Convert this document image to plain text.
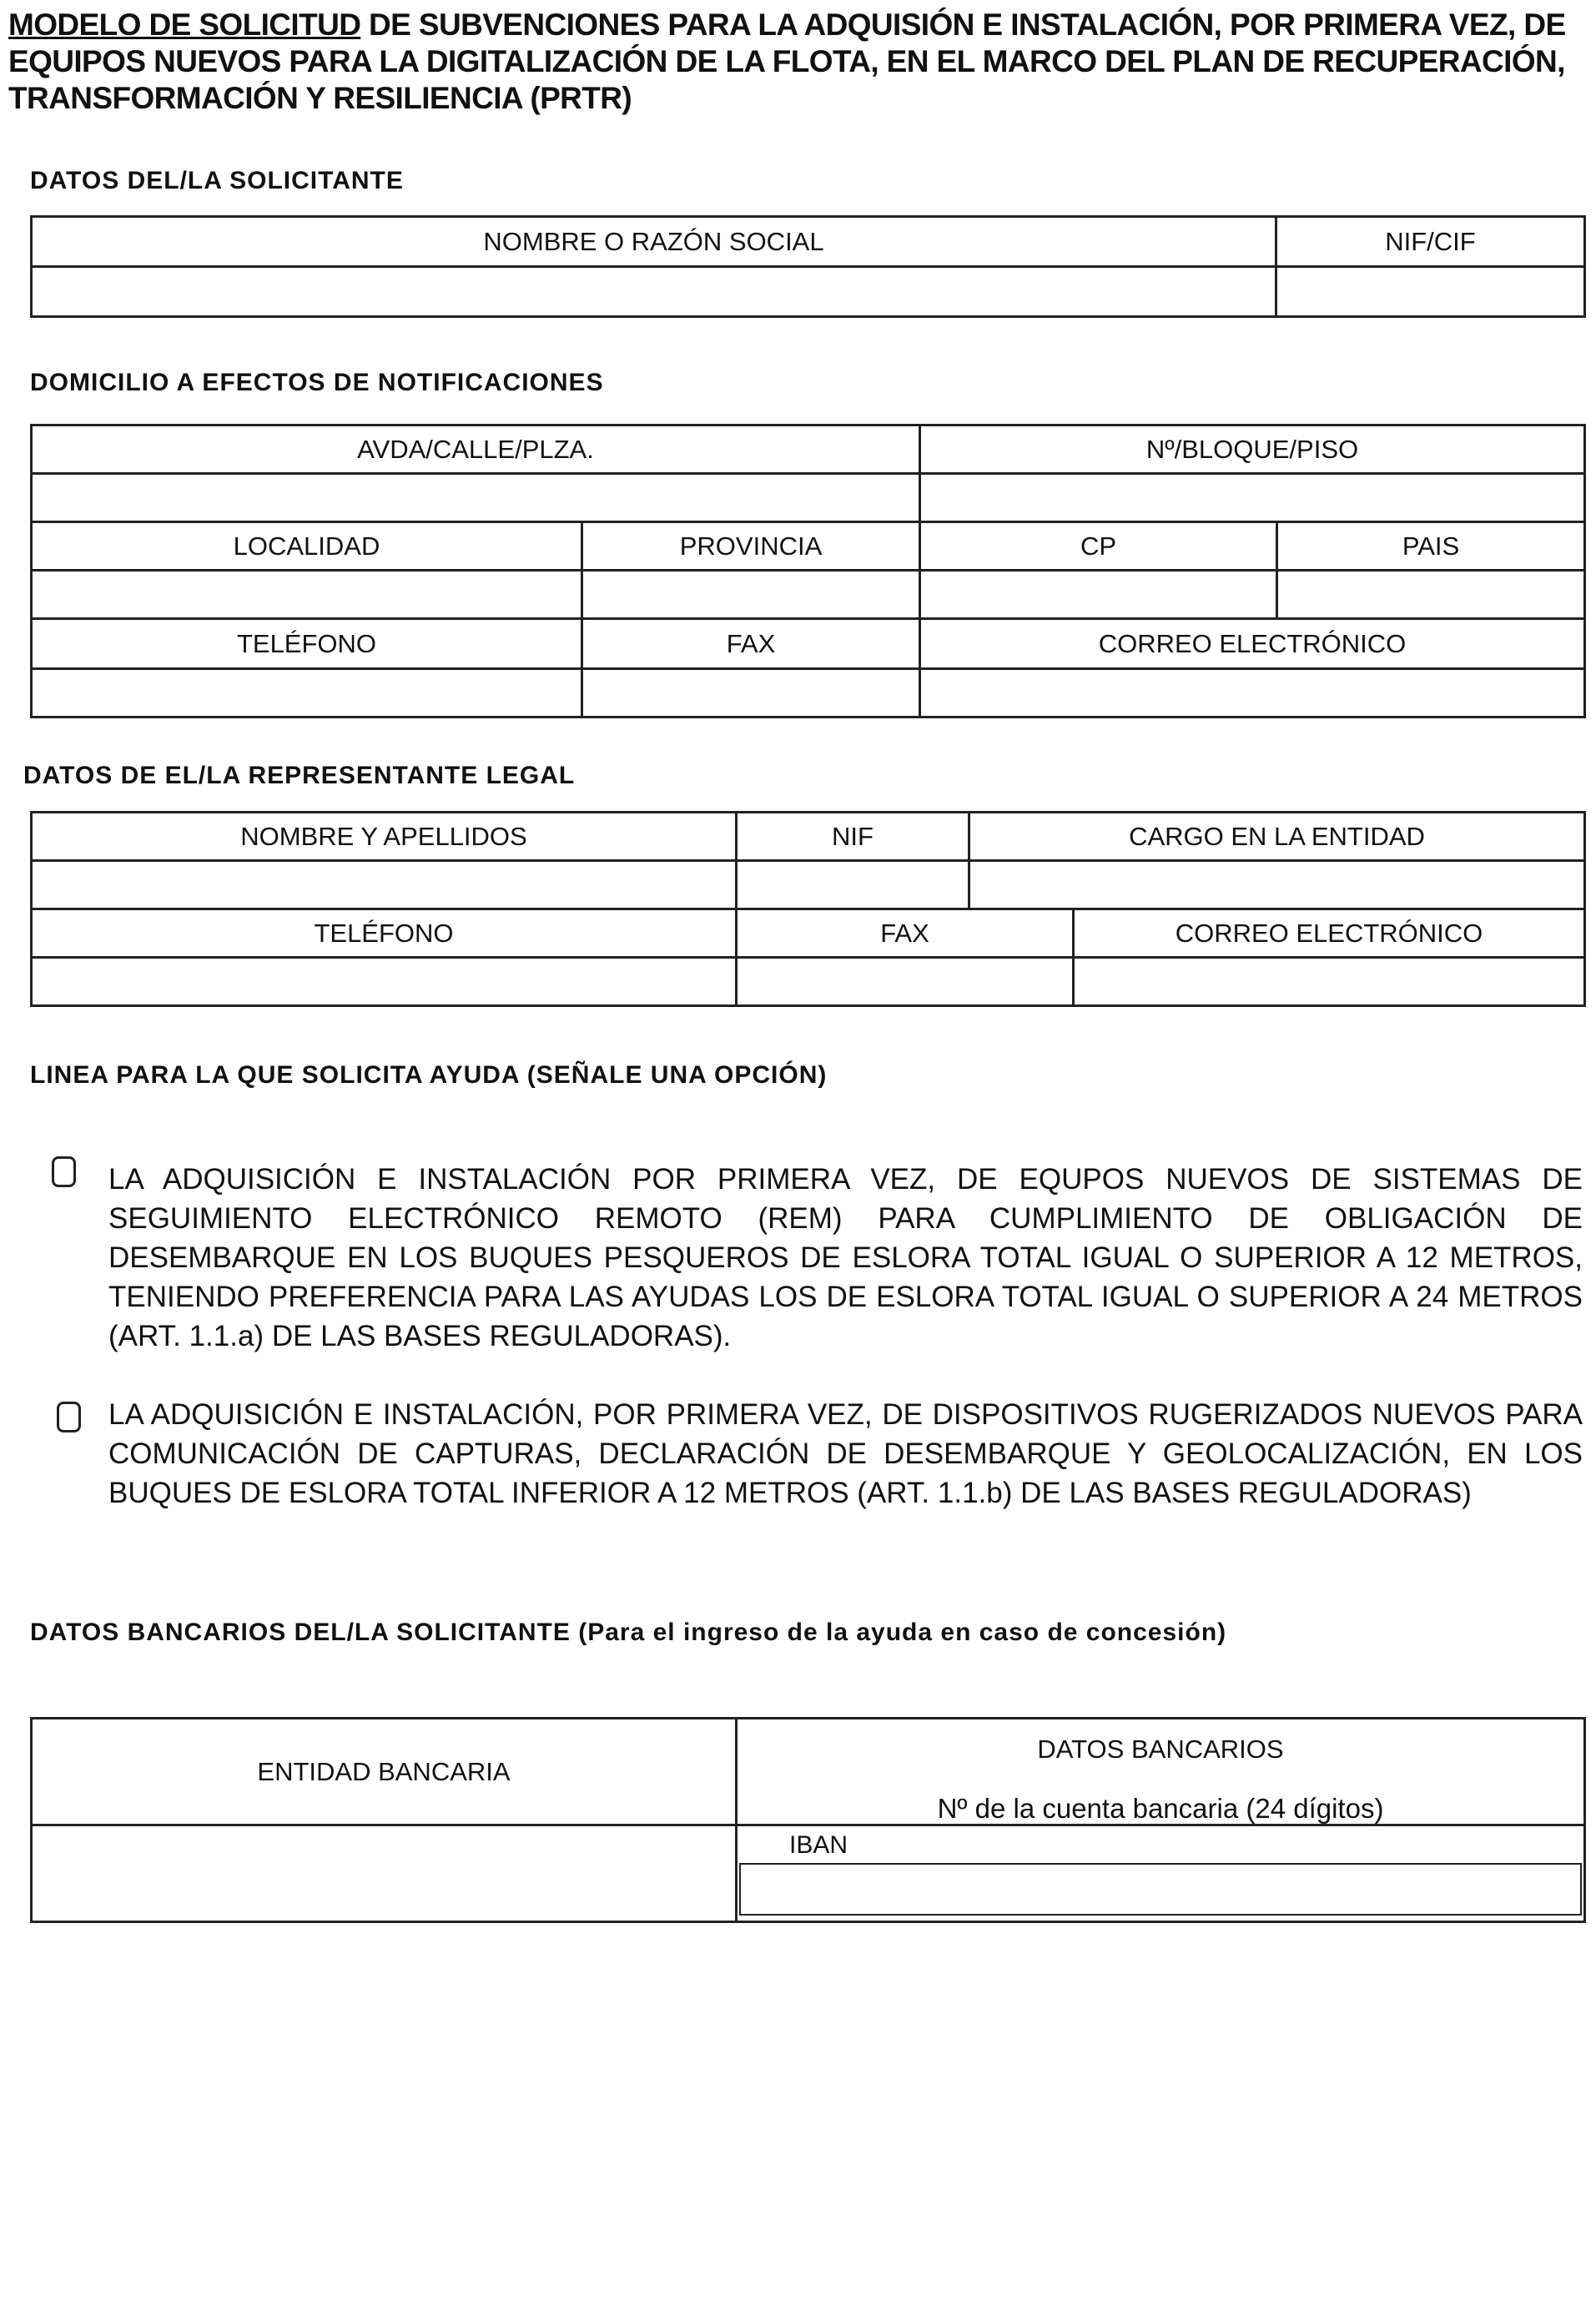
MODELO DE SOLICITUD DE SUBVENCIONES PARA LA ADQUISIÓN E INSTALACIÓN, POR PRIMERA VEZ, DE EQUIPOS NUEVOS PARA LA DIGITALIZACIÓN DE LA FLOTA, EN EL MARCO DEL PLAN DE RECUPERACIÓN, TRANSFORMACIÓN Y RESILIENCIA (PRTR)

DATOS DEL/LA SOLICITANTE

NOMBRE O RAZÓN SOCIAL	NIF/CIF

DOMICILIO A EFECTOS DE NOTIFICACIONES

AVDA/CALLE/PLZA.		Nº/BLOQUE/PISO	

LOCALIDAD	PROVINCIA	CP	PAIS

TELÉFONO	FAX	CORREO ELECTRÓNICO	

DATOS DE EL/LA REPRESENTANTE LEGAL

NOMBRE Y APELLIDOS	NIF	CARGO EN LA ENTIDAD	

TELÉFONO	FAX		CORREO ELECTRÓNICO

LINEA PARA LA QUE SOLICITA AYUDA (SEÑALE UNA OPCIÓN)

LA ADQUISICIÓN E INSTALACIÓN POR PRIMERA VEZ, DE EQUPOS NUEVOS DE SISTEMAS DE SEGUIMIENTO ELECTRÓNICO REMOTO (REM) PARA CUMPLIMIENTO DE OBLIGACIÓN DE DESEMBARQUE EN LOS BUQUES PESQUEROS DE ESLORA TOTAL IGUAL O SUPERIOR A 12 METROS, TENIENDO PREFERENCIA PARA LAS AYUDAS LOS DE ESLORA TOTAL IGUAL O SUPERIOR A 24 METROS (ART. 1.1.a) DE LAS BASES REGULADORAS).

LA ADQUISICIÓN E INSTALACIÓN, POR PRIMERA VEZ, DE DISPOSITIVOS RUGERIZADOS NUEVOS PARA COMUNICACIÓN DE CAPTURAS, DECLARACIÓN DE DESEMBARQUE Y GEOLOCALIZACIÓN, EN LOS BUQUES DE ESLORA TOTAL INFERIOR A 12 METROS (ART. 1.1.b) DE LAS BASES REGULADORAS)

DATOS BANCARIOS DEL/LA SOLICITANTE (Para el ingreso de la ayuda en caso de concesión)

ENTIDAD BANCARIA	DATOS BANCARIOS
Nº de la cuenta bancaria (24 dígitos)

	IBAN
